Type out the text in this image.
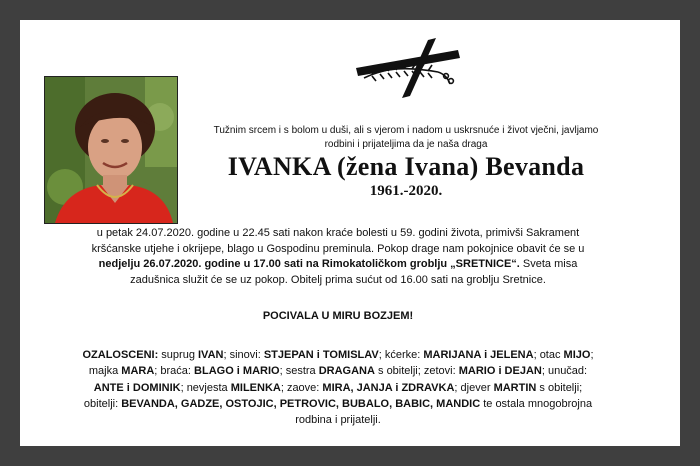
Tužnim srcem i s bolom u duši, ali s vjerom i nadom u uskrsnuće i život vječni, javljamo
rodbini i prijateljima da je naša draga
IVANKA (žena Ivana) Bevanda
1961.-2020.
u petak 24.07.2020. godine u 22.45 sati nakon kraće bolesti u 59. godini života, primivši Sakrament
kršćanske utjehe i okrijepe, blago u Gospodinu preminula. Pokop drage nam pokojnice obavit će se u
nedjelju 26.07.2020. godine u 17.00 sati na Rimokatoličkom groblju „SRETNICE“. Sveta misa
zadušnica služit će se uz pokop. Obitelj prima sućut od 16.00 sati na groblju Sretnice.
POCIVALA U MIRU BOZJEM!
OZALOSCENI: suprug IVAN; sinovi: STJEPAN i TOMISLAV; kćerke: MARIJANA i JELENA; otac MIJO;
majka MARA; braća: BLAGO i MARIO; sestra DRAGANA s obitelji; zetovi: MARIO i DEJAN; unučad:
ANTE i DOMINIK; nevjesta MILENKA; zaove: MIRA, JANJA i ZDRAVKA; djever MARTIN s obitelji;
obitelji: BEVANDA, GADZE, OSTOJIC, PETROVIC, BUBALO, BABIC, MANDIC te ostala mnogobrojna
rodbina i prijatelji.
